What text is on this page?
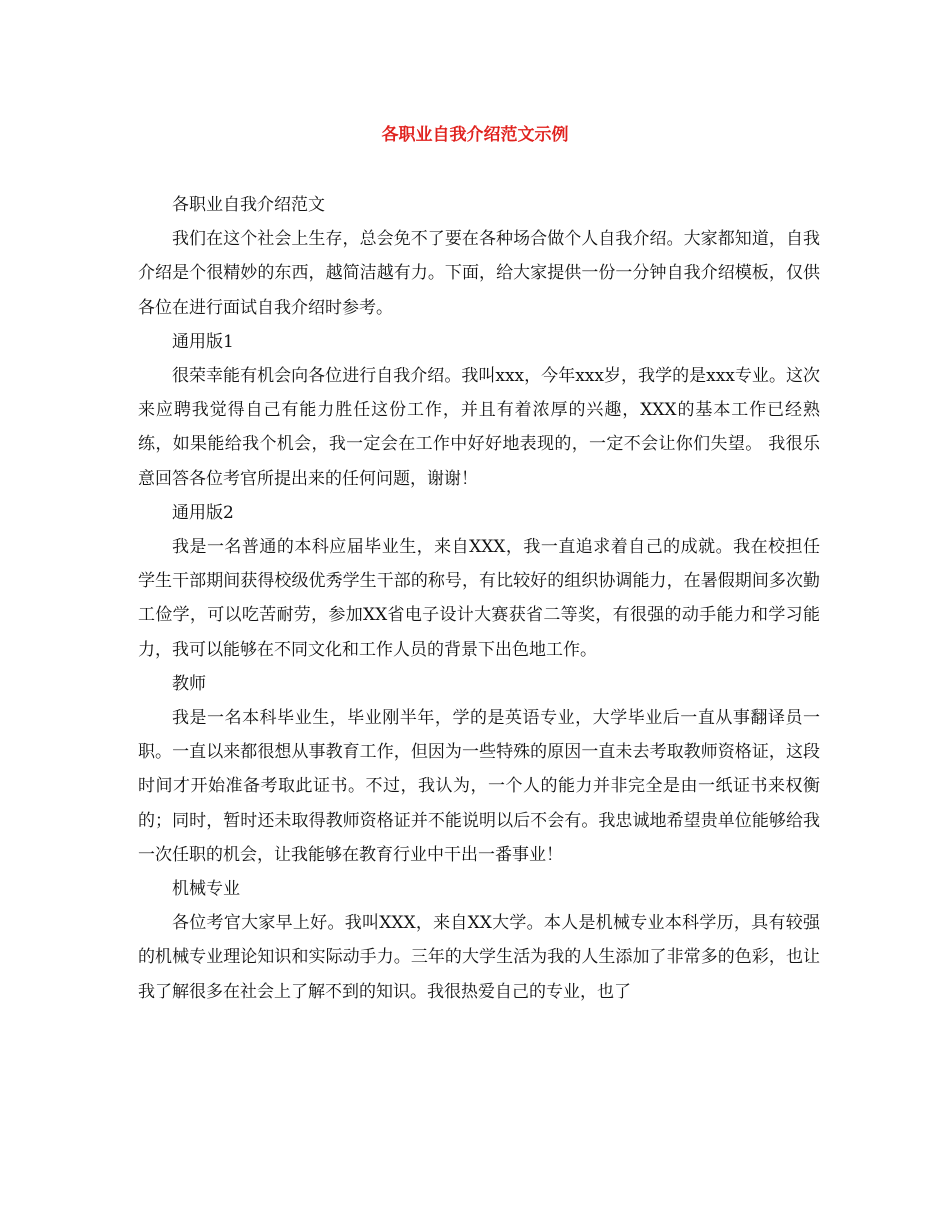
各职业自我介绍范文示例

各职业自我介绍范文

我们在这个社会上生存，总会免不了要在各种场合做个人自我介绍。大家都知道，自我介绍是个很精妙的东西，越简洁越有力。下面，给大家提供一份一分钟自我介绍模板，仅供各位在进行面试自我介绍时参考。

通用版1

很荣幸能有机会向各位进行自我介绍。我叫xxx，今年xxx岁，我学的是xxx专业。这次来应聘我觉得自己有能力胜任这份工作，并且有着浓厚的兴趣，XXX的基本工作已经熟练，如果能给我个机会，我一定会在工作中好好地表现的，一定不会让你们失望。 我很乐意回答各位考官所提出来的任何问题，谢谢！

通用版2

我是一名普通的本科应届毕业生，来自XXX，我一直追求着自己的成就。我在校担任学生干部期间获得校级优秀学生干部的称号，有比较好的组织协调能力，在暑假期间多次勤工俭学，可以吃苦耐劳，参加XX省电子设计大赛获省二等奖，有很强的动手能力和学习能力，我可以能够在不同文化和工作人员的背景下出色地工作。

教师

我是一名本科毕业生，毕业刚半年，学的是英语专业，大学毕业后一直从事翻译员一职。一直以来都很想从事教育工作，但因为一些特殊的原因一直未去考取教师资格证，这段时间才开始准备考取此证书。不过，我认为，一个人的能力并非完全是由一纸证书来权衡的；同时，暂时还未取得教师资格证并不能说明以后不会有。我忠诚地希望贵单位能够给我一次任职的机会，让我能够在教育行业中干出一番事业！

机械专业

各位考官大家早上好。我叫XXX，来自XX大学。本人是机械专业本科学历，具有较强的机械专业理论知识和实际动手力。三年的大学生活为我的人生添加了非常多的色彩，也让我了解很多在社会上了解不到的知识。我很热爱自己的专业，也了
